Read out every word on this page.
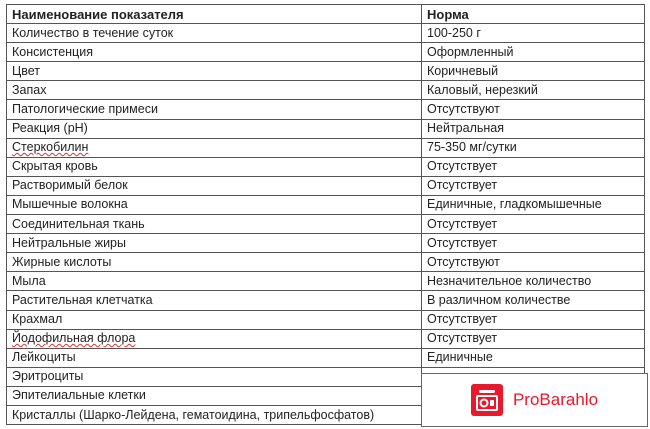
Наименование показателя	Норма
Количество в течение суток	100-250 г
Консистенция	Оформленный
Цвет	Коричневый
Запах	Каловый, нерезкий
Патологические примеси	Отсутствуют
Реакция (pH)	Нейтральная
Стеркобилин	75-350 мг/сутки
Скрытая кровь	Отсутствует
Растворимый белок	Отсутствует
Мышечные волокна	Единичные, гладкомышечные
Соединительная ткань	Отсутствует
Нейтральные жиры	Отсутствует
Жирные кислоты	Отсутствуют
Мыла	Незначительное количество
Растительная клетчатка	В различном количестве
Крахмал	Отсутствует
Йодофильная флора	Отсутствует
Лейкоциты	Единичные
Эритроциты	
Эпителиальные клетки	
Кристаллы (Шарко-Лейдена, гематоидина, трипельфосфатов)	
ProBarahlo
